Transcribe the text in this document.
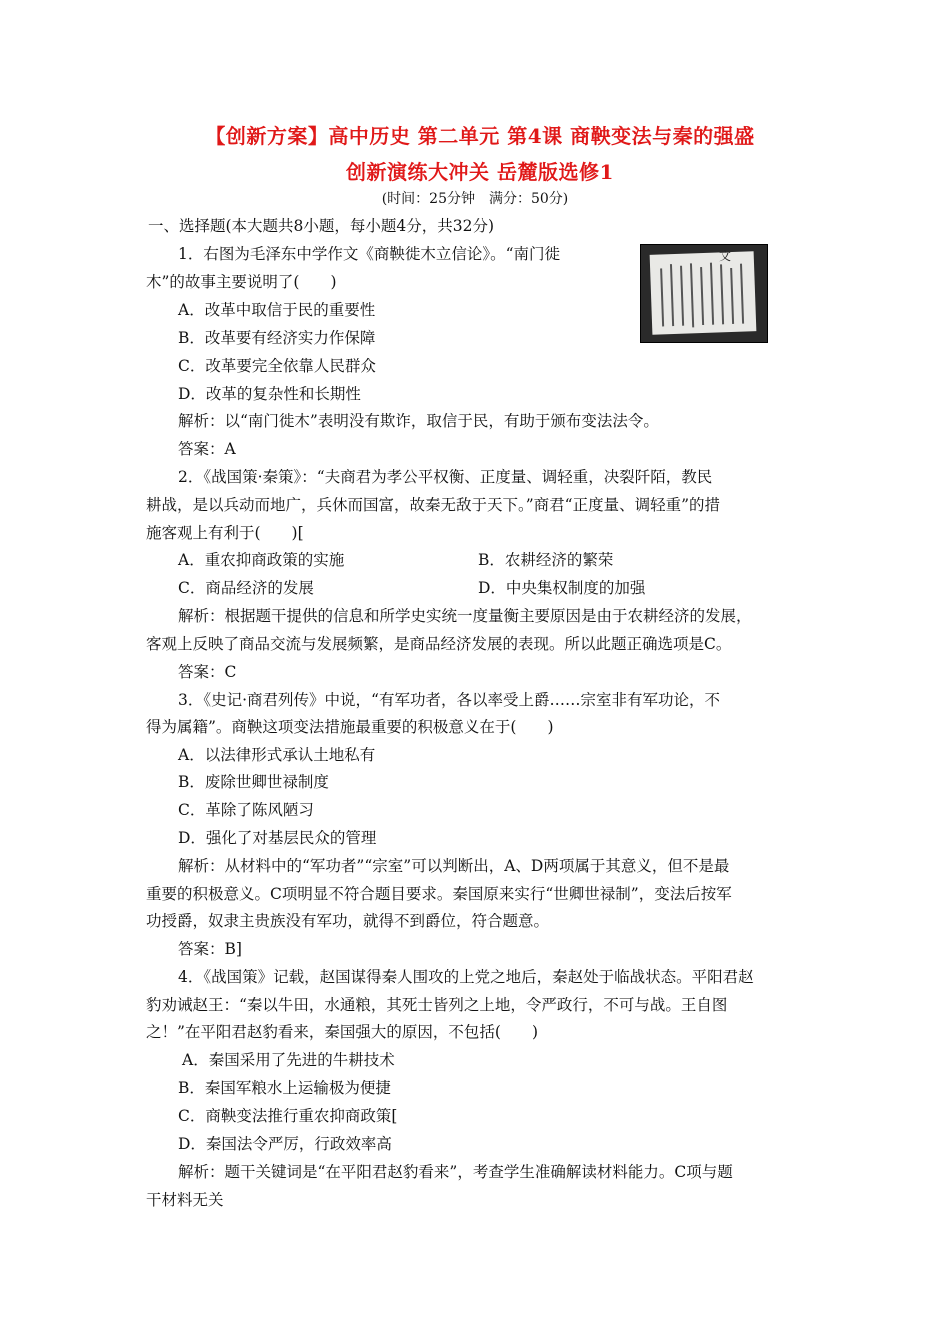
【创新方案】高中历史 第二单元 第4课 商鞅变法与秦的强盛
创新演练大冲关 岳麓版选修1
(时间：25分钟　满分：50分)
一、选择题(本大题共8小题，每小题4分，共32分)
1．右图为毛泽东中学作文《商鞅徙木立信论》。“南门徙
木”的故事主要说明了(　　)
A．改革中取信于民的重要性
B．改革要有经济实力作保障
C．改革要完全依靠人民群众
D．改革的复杂性和长期性
解析：以“南门徙木”表明没有欺诈，取信于民，有助于颁布变法法令。
答案：A
文
2．《战国策·秦策》：“夫商君为孝公平权衡、正度量、调轻重，决裂阡陌，教民
耕战，是以兵动而地广，兵休而国富，故秦无敌于天下。”商君“正度量、调轻重”的措
施客观上有利于(　　)[
A．重农抑商政策的实施	B．农耕经济的繁荣
C．商品经济的发展	D．中央集权制度的加强
解析：根据题干提供的信息和所学史实统一度量衡主要原因是由于农耕经济的发展，
客观上反映了商品交流与发展频繁，是商品经济发展的表现。所以此题正确选项是C。
答案：C
3．《史记·商君列传》中说，“有军功者，各以率受上爵……宗室非有军功论，不
得为属籍”。商鞅这项变法措施最重要的积极意义在于(　　)
A．以法律形式承认土地私有
B．废除世卿世禄制度
C．革除了陈风陋习
D．强化了对基层民众的管理
解析：从材料中的“军功者”“宗室”可以判断出，A、D两项属于其意义，但不是最
重要的积极意义。C项明显不符合题目要求。秦国原来实行“世卿世禄制”，变法后按军
功授爵，奴隶主贵族没有军功，就得不到爵位，符合题意。
答案：B]
4．《战国策》记载，赵国谋得秦人围攻的上党之地后，秦赵处于临战状态。平阳君赵
豹劝诫赵王：“秦以牛田，水通粮，其死士皆列之上地，令严政行，不可与战。王自图
之！”在平阳君赵豹看来，秦国强大的原因，不包括(　　)
A．秦国采用了先进的牛耕技术
B．秦国军粮水上运输极为便捷
C．商鞅变法推行重农抑商政策[
D．秦国法令严厉，行政效率高
解析：题干关键词是“在平阳君赵豹看来”，考查学生准确解读材料能力。C项与题
干材料无关
